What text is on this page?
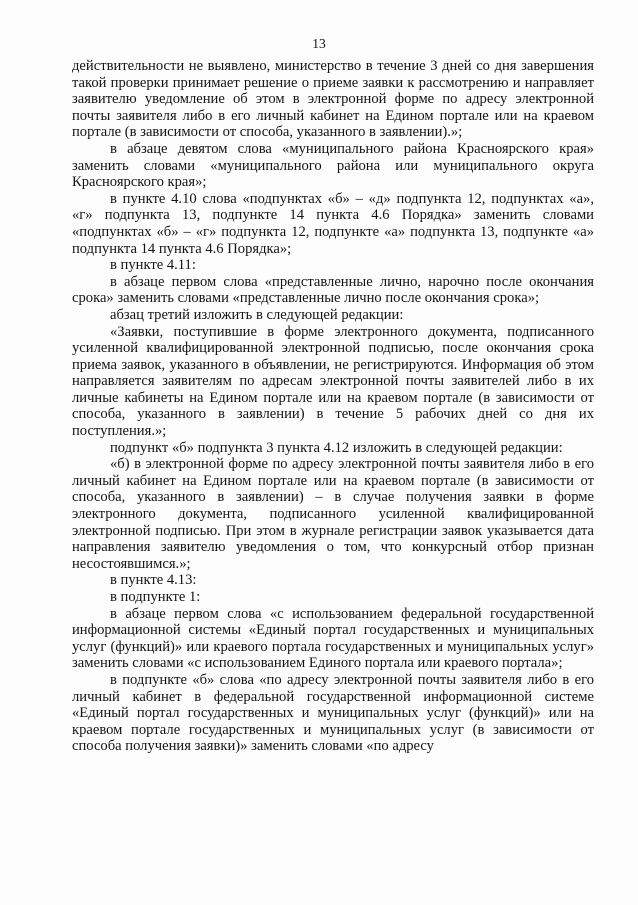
13

действительности не выявлено, министерство в течение 3 дней со дня завершения такой проверки принимает решение о приеме заявки к рассмотрению и направляет заявителю уведомление об этом в электронной форме по адресу электронной почты заявителя либо в его личный кабинет на Едином портале или на краевом портале (в зависимости от способа, указанного в заявлении).»;

в абзаце девятом слова «муниципального района Красноярского края» заменить словами «муниципального района или муниципального округа Красноярского края»;

в пункте 4.10 слова «подпунктах «б» – «д» подпункта 12, подпунктах «а», «г» подпункта 13, подпункте 14 пункта 4.6 Порядка» заменить словами «подпунктах «б» – «г» подпункта 12, подпункте «а» подпункта 13, подпункте «а» подпункта 14 пункта 4.6 Порядка»;

в пункте 4.11:

в абзаце первом слова «представленные лично, нарочно после окончания срока» заменить словами «представленные лично после окончания срока»;

абзац третий изложить в следующей редакции:

«Заявки, поступившие в форме электронного документа, подписанного усиленной квалифицированной электронной подписью, после окончания срока приема заявок, указанного в объявлении, не регистрируются. Информация об этом направляется заявителям по адресам электронной почты заявителей либо в их личные кабинеты на Едином портале или на краевом портале (в зависимости от способа, указанного в заявлении) в течение 5 рабочих дней со дня их поступления.»;

подпункт «б» подпункта 3 пункта 4.12 изложить в следующей редакции:

«б) в электронной форме по адресу электронной почты заявителя либо в его личный кабинет на Едином портале или на краевом портале (в зависимости от способа, указанного в заявлении) – в случае получения заявки в форме электронного документа, подписанного усиленной квалифицированной электронной подписью. При этом в журнале регистрации заявок указывается дата направления заявителю уведомления о том, что конкурсный отбор признан несостоявшимся.»;

в пункте 4.13:

в подпункте 1:

в абзаце первом слова «с использованием федеральной государственной информационной системы «Единый портал государственных и муниципальных услуг (функций)» или краевого портала государственных и муниципальных услуг» заменить словами «с использованием Единого портала или краевого портала»;

в подпункте «б» слова «по адресу электронной почты заявителя либо в его личный кабинет в федеральной государственной информационной системе «Единый портал государственных и муниципальных услуг (функций)» или на краевом портале государственных и муниципальных услуг (в зависимости от способа получения заявки)» заменить словами «по адресу
